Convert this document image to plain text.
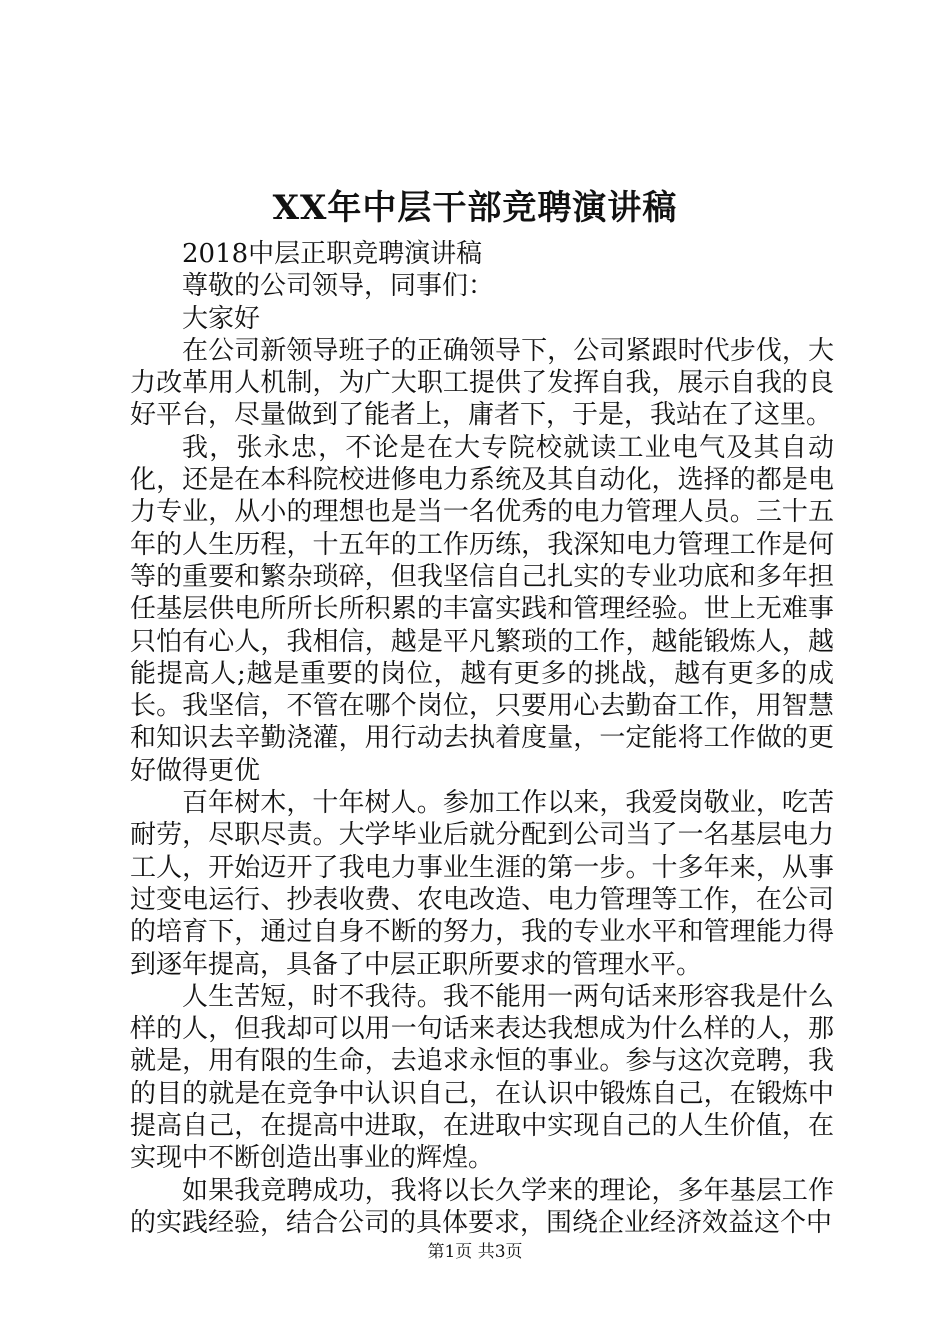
XX年中层干部竞聘演讲稿

2018中层正职竞聘演讲稿

尊敬的公司领导，同事们：

大家好

在公司新领导班子的正确领导下，公司紧跟时代步伐，大力改革用人机制，为广大职工提供了发挥自我，展示自我的良好平台，尽量做到了能者上，庸者下，于是，我站在了这里。

我，张永忠，不论是在大专院校就读工业电气及其自动化，还是在本科院校进修电力系统及其自动化，选择的都是电力专业，从小的理想也是当一名优秀的电力管理人员。三十五年的人生历程，十五年的工作历练，我深知电力管理工作是何等的重要和繁杂琐碎，但我坚信自己扎实的专业功底和多年担任基层供电所所长所积累的丰富实践和管理经验。世上无难事只怕有心人，我相信，越是平凡繁琐的工作，越能锻炼人，越能提高人;越是重要的岗位，越有更多的挑战，越有更多的成长。我坚信，不管在哪个岗位，只要用心去勤奋工作，用智慧和知识去辛勤浇灌，用行动去执着度量，一定能将工作做的更好做得更优

百年树木，十年树人。参加工作以来，我爱岗敬业，吃苦耐劳，尽职尽责。大学毕业后就分配到公司当了一名基层电力工人，开始迈开了我电力事业生涯的第一步。十多年来，从事过变电运行、抄表收费、农电改造、电力管理等工作，在公司的培育下，通过自身不断的努力，我的专业水平和管理能力得到逐年提高，具备了中层正职所要求的管理水平。

人生苦短，时不我待。我不能用一两句话来形容我是什么样的人，但我却可以用一句话来表达我想成为什么样的人，那就是，用有限的生命，去追求永恒的事业。参与这次竞聘，我的目的就是在竞争中认识自己，在认识中锻炼自己，在锻炼中提高自己，在提高中进取，在进取中实现自己的人生价值，在实现中不断创造出事业的辉煌。

如果我竞聘成功，我将以长久学来的理论，多年基层工作的实践经验，结合公司的具体要求，围绕企业经济效益这个中

第1页 共3页
